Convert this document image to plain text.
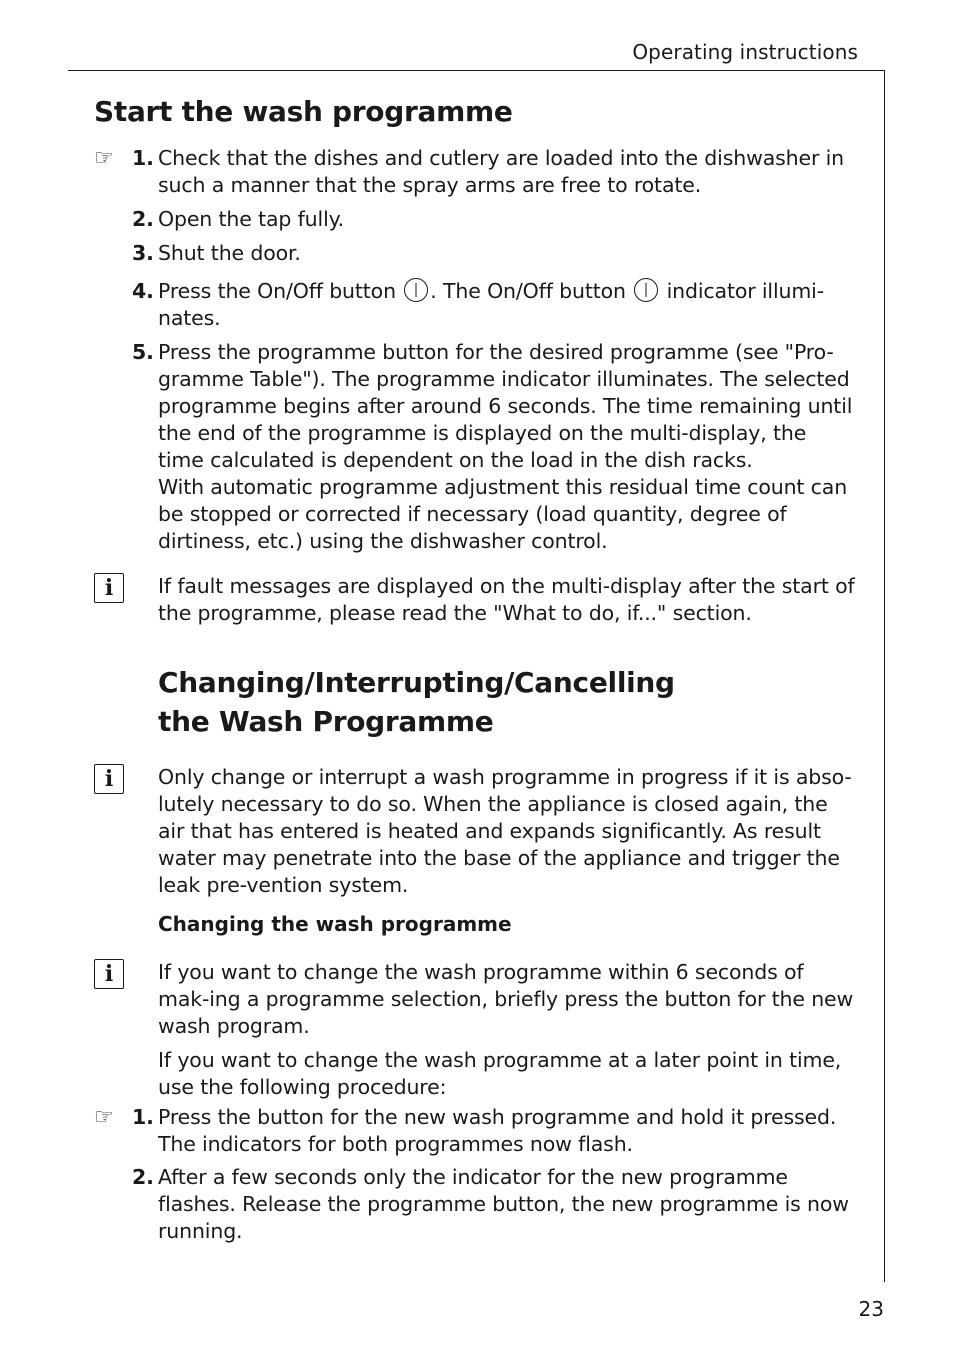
Operating instructions
Start the wash programme
☞ 1. Check that the dishes and cutlery are loaded into the dishwasher in such a manner that the spray arms are free to rotate.
2. Open the tap fully.
3. Shut the door.
4. Press the On/Off button . The On/Off button indicator illumi-nates.
5. Press the programme button for the desired programme (see "Pro-gramme Table"). The programme indicator illuminates. The selected programme begins after around 6 seconds. The time remaining until the end of the programme is displayed on the multi-display, the time calculated is dependent on the load in the dish racks.
With automatic programme adjustment this residual time count can be stopped or corrected if necessary (load quantity, degree of dirtiness, etc.) using the dishwasher control.
i	If fault messages are displayed on the multi-display after the start of the programme, please read the "What to do, if..." section.
Changing/Interrupting/Cancelling
the Wash Programme
i	Only change or interrupt a wash programme in progress if it is abso-lutely necessary to do so. When the appliance is closed again, the air that has entered is heated and expands significantly. As result water may penetrate into the base of the appliance and trigger the leak pre-vention system.
Changing the wash programme
i	If you want to change the wash programme within 6 seconds of mak-ing a programme selection, briefly press the button for the new wash program.
If you want to change the wash programme at a later point in time, use the following procedure:
☞ 1. Press the button for the new wash programme and hold it pressed. The indicators for both programmes now flash.
2. After a few seconds only the indicator for the new programme flashes. Release the programme button, the new programme is now running.
23
